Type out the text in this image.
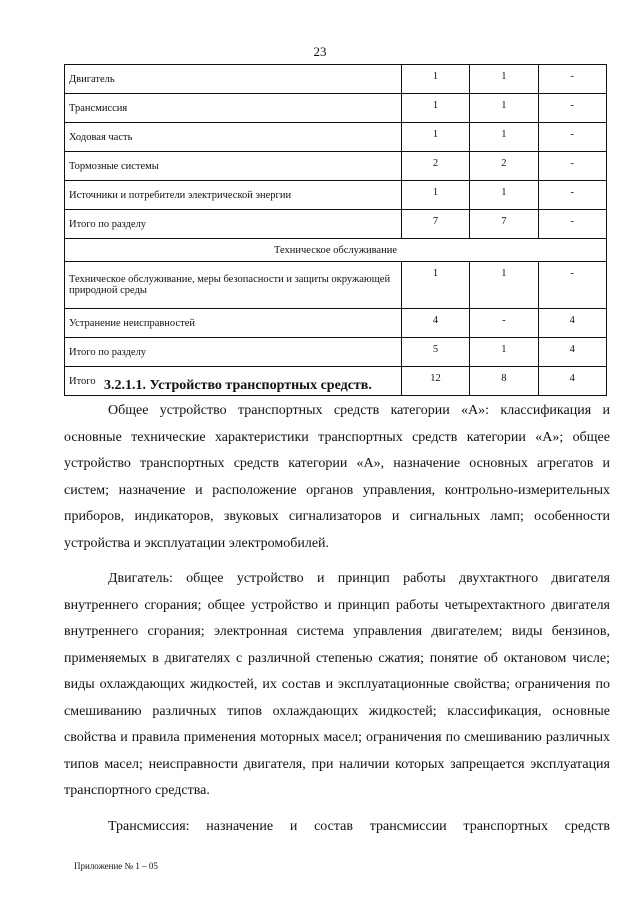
23
Двигатель	1	1	-
Трансмиссия	1	1	-
Ходовая часть	1	1	-
Тормозные системы	2	2	-
Источники и потребители электрической энергии	1	1	-
Итого по разделу	7	7	-
Техническое обслуживание			
Техническое обслуживание, меры безопасности и защиты окружающей природной среды	1	1	-
Устранение неисправностей	4	-	4
Итого по разделу	5	1	4
Итого	12	8	4

3.2.1.1. Устройство транспортных средств.

Общее устройство транспортных средств категории «А»: классификация и основные технические характеристики транспортных средств категории «А»; общее устройство транспортных средств категории «А», назначение основных агрегатов и систем; назначение и расположение органов управления, контрольно-измерительных приборов, индикаторов, звуковых сигнализаторов и сигнальных ламп; особенности устройства и эксплуатации электромобилей.

Двигатель: общее устройство и принцип работы двухтактного двигателя внутреннего сгорания; общее устройство и принцип работы четырехтактного двигателя внутреннего сгорания; электронная система управления двигателем; виды бензинов, применяемых в двигателях с различной степенью сжатия; понятие об октановом числе; виды охлаждающих жидкостей, их состав и эксплуатационные свойства; ограничения по смешиванию различных типов охлаждающих жидкостей; классификация, основные свойства и правила применения моторных масел; ограничения по смешиванию различных типов масел; неисправности двигателя, при наличии которых запрещается эксплуатация транспортного средства.

Трансмиссия: назначение и состав трансмиссии транспортных средств

Приложение № 1 – 05
